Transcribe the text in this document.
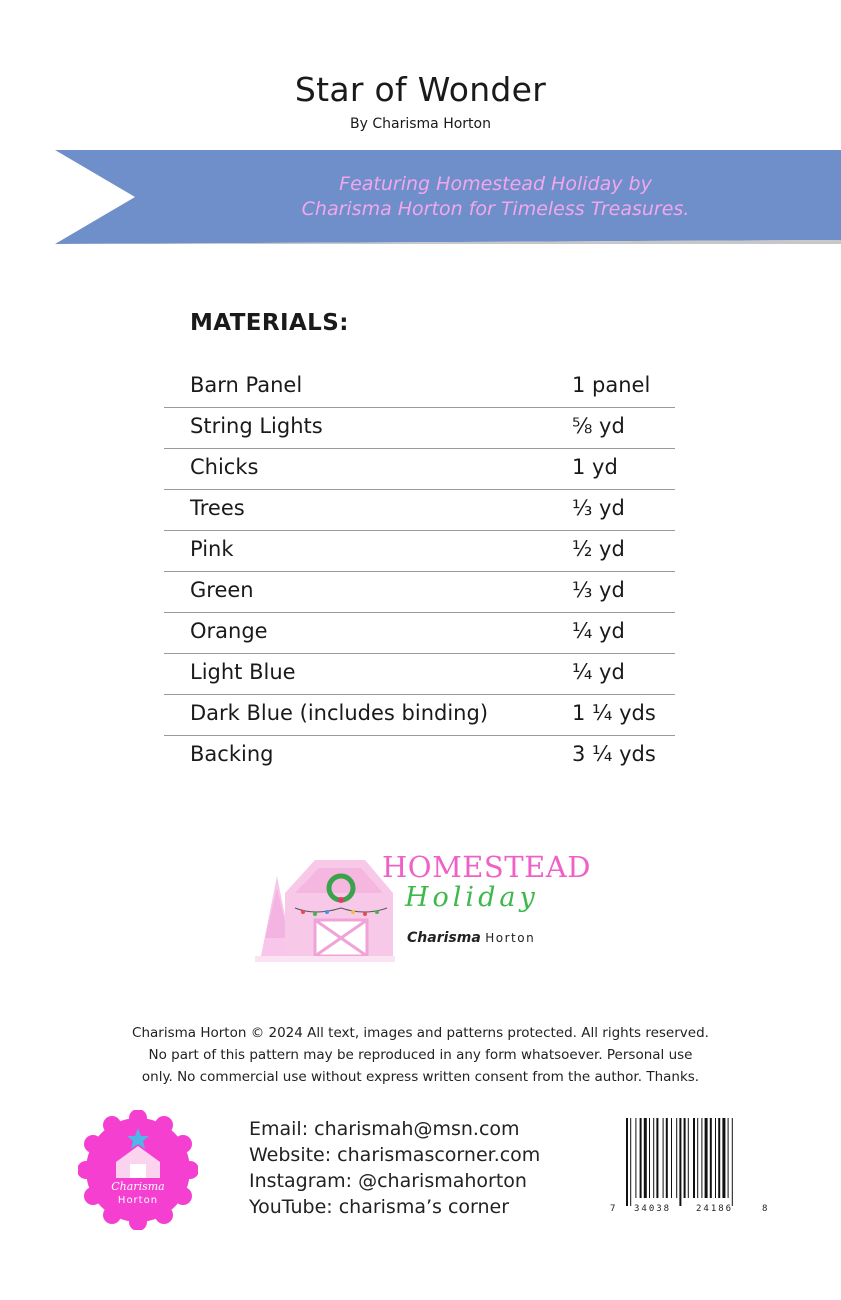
Star of Wonder
By Charisma Horton
Featuring Homestead Holiday by
Charisma Horton for Timeless Treasures.
MATERIALS:
Barn Panel	1 panel
String Lights	⅝ yd
Chicks	1 yd
Trees	⅓ yd
Pink	½ yd
Green	⅓ yd
Orange	¼ yd
Light Blue	¼ yd
Dark Blue (includes binding)	1 ¼ yds
Backing	3 ¼ yds
HOMESTEAD
Holiday
Charisma Horton
Charisma Horton © 2024 All text, images and patterns protected. All rights reserved.
No part of this pattern may be reproduced in any form whatsoever. Personal use
only. No commercial use without express written consent from the author. Thanks.
Charisma
Horton
Email: charismah@msn.com
Website: charismascorner.com
Instagram: @charismahorton
YouTube: charisma’s corner	7 34038	24186	8
